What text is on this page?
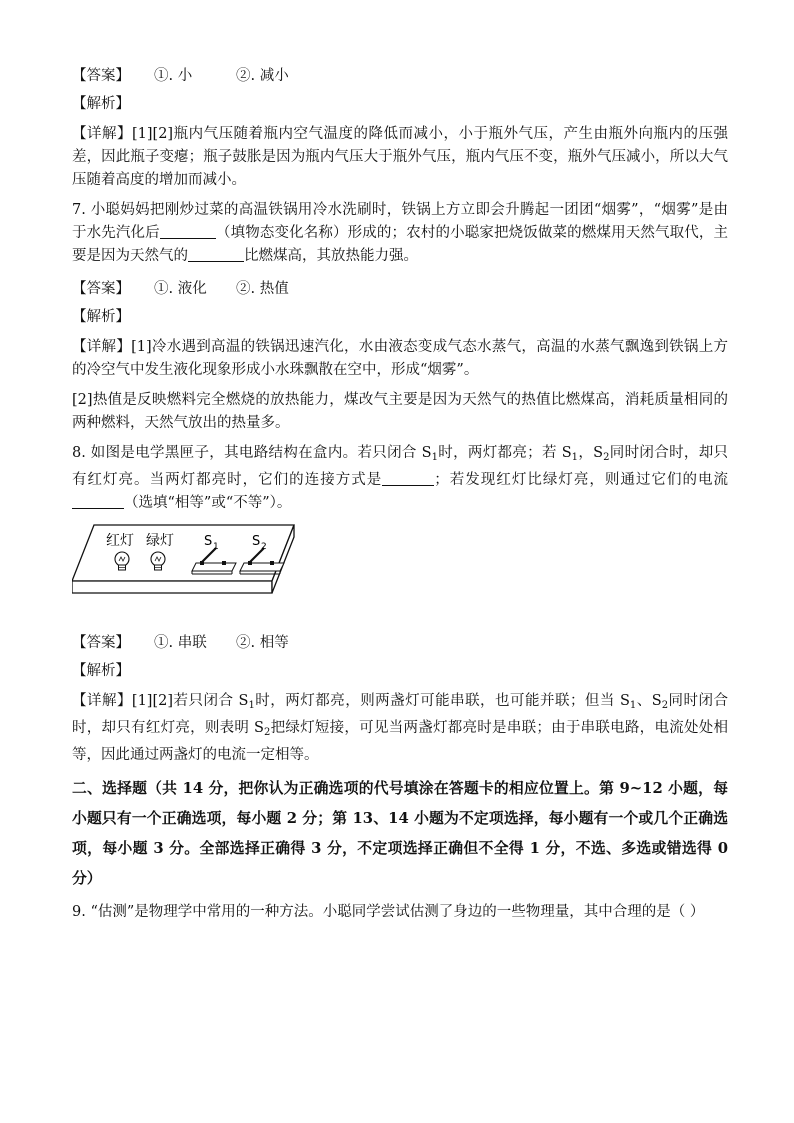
【答案】	①. 小	②. 减小
【解析】
【详解】[1][2]瓶内气压随着瓶内空气温度的降低而减小，小于瓶外气压，产生由瓶外向瓶内的压强差，因此瓶子变瘪；瓶子鼓胀是因为瓶内气压大于瓶外气压，瓶内气压不变，瓶外气压减小，所以大气压随着高度的增加而减小。
7. 小聪妈妈把刚炒过菜的高温铁锅用冷水洗刷时，铁锅上方立即会升腾起一团团“烟雾”，“烟雾”是由于水先汽化后	（填物态变化名称）形成的；农村的小聪家把烧饭做菜的燃煤用天然气取代，主要是因为天然气的	比燃煤高，其放热能力强。
【答案】	①. 液化	②. 热值
【解析】
【详解】[1]冷水遇到高温的铁锅迅速汽化，水由液态变成气态水蒸气，高温的水蒸气飘逸到铁锅上方的冷空气中发生液化现象形成小水珠飘散在空中，形成“烟雾”。
[2]热值是反映燃料完全燃烧的放热能力，煤改气主要是因为天然气的热值比燃煤高，消耗质量相同的两种燃料，天然气放出的热量多。
8. 如图是电学黑匣子，其电路结构在盒内。若只闭合 $S_1$时，两灯都亮；若 $S_1$，$S_2$同时闭合时，却只有红灯亮。当两灯都亮时，它们的连接方式是	；若发现红灯比绿灯亮，则通过它们的电流（选填“相等”或“不等”）。
红灯 绿灯 S 1	S 2
【答案】	①. 串联	②. 相等
【解析】
【详解】[1][2]若只闭合 $S_1$时，两灯都亮，则两盏灯可能串联，也可能并联；但当 $S_1$、$S_2$同时闭合时，却只有红灯亮，则表明 $S_2$把绿灯短接，可见当两盏灯都亮时是串联；由于串联电路，电流处处相等，因此通过两盏灯的电流一定相等。
二、选择题（共 14 分，把你认为正确选项的代号填涂在答题卡的相应位置上。第 9~12 小题，每小题只有一个正确选项，每小题 2 分；第 13、14 小题为不定项选择，每小题有一个或几个正确选项，每小题 3 分。全部选择正确得 3 分，不定项选择正确但不全得 1 分，不选、多选或错选得 0 分）
9. “估测”是物理学中常用的一种方法。小聪同学尝试估测了身边的一些物理量，其中合理的是（ ）
